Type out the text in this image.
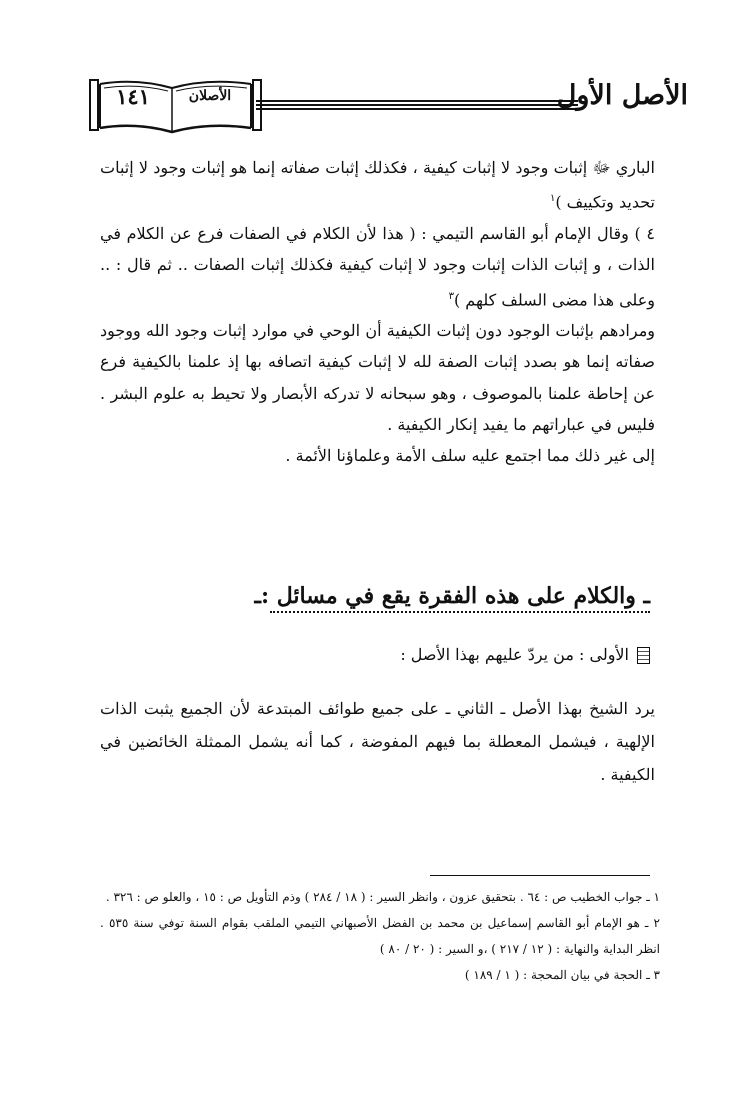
١٤١	الأصلان	الأصل الأول

الباري ﷻ إثبات وجود لا إثبات كيفية ، فكذلك إثبات صفاته إنما هو إثبات وجود لا إثبات تحديد وتكييف )$^١$

٤ ) وقال الإمام أبو القاسم التيمي : ( هذا لأن الكلام في الصفات فرع عن الكلام في الذات ، و إثبات الذات إثبات وجود لا إثبات كيفية فكذلك إثبات الصفات .. ثم قال : .. وعلى هذا مضى السلف كلهم )$^٣$

ومرادهم بإثبات الوجود دون إثبات الكيفية أن الوحي في موارد إثبات وجود الله ووجود صفاته إنما هو بصدد إثبات الصفة لله لا إثبات كيفية اتصافه بها إذ علمنا بالكيفية فرع عن إحاطة علمنا بالموصوف ، وهو سبحانه لا تدركه الأبصار ولا تحيط به علوم البشر . فليس في عباراتهم ما يفيد إنكار الكيفية .

إلى غير ذلك مما اجتمع عليه سلف الأمة وعلماؤنا الأئمة .

ـ والكلام على هذه الفقرة يقع في مسائل :ـ
الأولى : من يردّ عليهم بهذا الأصل :

يرد الشيخ بهذا الأصل ـ الثاني ـ على جميع طوائف المبتدعة لأن الجميع يثبت الذات الإلهية ، فيشمل المعطلة بما فيهم المفوضة ، كما أنه يشمل الممثلة الخائضين في الكيفية .

١ ـ جواب الخطيب ص : ٦٤ . بتحقيق عزون ، وانظر السير : ( ١٨ / ٢٨٤ ) وذم التأويل ص : ١٥ ، والعلو ص : ٣٢٦ .

٢ ـ هو الإمام أبو القاسم إسماعيل بن محمد بن الفضل الأصبهاني التيمي الملقب بقوام السنة توفي سنة ٥٣٥ . انظر البداية والنهاية : ( ١٢ / ٢١٧ ) ،و السير : ( ٢٠ / ٨٠ )

٣ ـ الحجة في بيان المحجة : ( ١ / ١٨٩ )
